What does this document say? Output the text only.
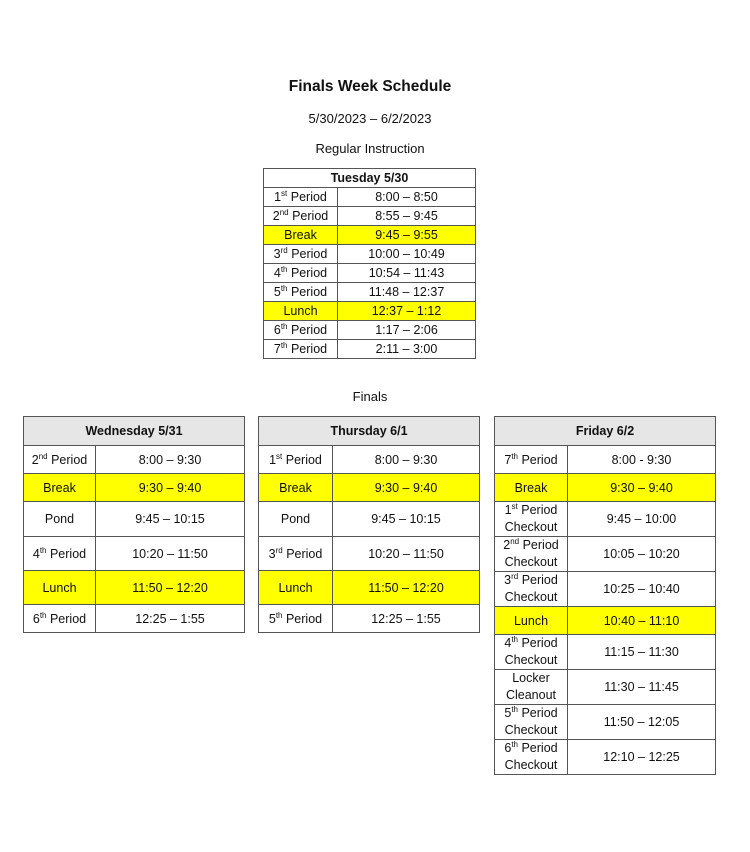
Finals Week Schedule
5/30/2023 – 6/2/2023
Regular Instruction
Tuesday 5/30	
1st Period	8:00 – 8:50
2nd Period	8:55 – 9:45
Break	9:45 – 9:55
3rd Period	10:00 – 10:49
4th Period	10:54 – 11:43
5th Period	11:48 – 12:37
Lunch	12:37 – 1:12
6th Period	1:17 – 2:06
7th Period	2:11 – 3:00
Finals
Wednesday 5/31	
2nd Period	8:00 – 9:30
Break	9:30 – 9:40
Pond	9:45 – 10:15
4th Period	10:20 – 11:50
Lunch	11:50 – 12:20
6th Period	12:25 – 1:55
Thursday 6/1	
1st Period	8:00 – 9:30
Break	9:30 – 9:40
Pond	9:45 – 10:15
3rd Period	10:20 – 11:50
Lunch	11:50 – 12:20
5th Period	12:25 – 1:55
Friday 6/2	
7th Period	8:00 - 9:30
Break	9:30 – 9:40
1st Period
Checkout	9:45 – 10:00
2nd Period
Checkout	10:05 – 10:20
3rd Period
Checkout	10:25 – 10:40
Lunch	10:40 – 11:10
4th Period
Checkout	11:15 – 11:30
Locker
Cleanout	11:30 – 11:45
5th Period
Checkout	11:50 – 12:05
6th Period
Checkout	12:10 – 12:25
